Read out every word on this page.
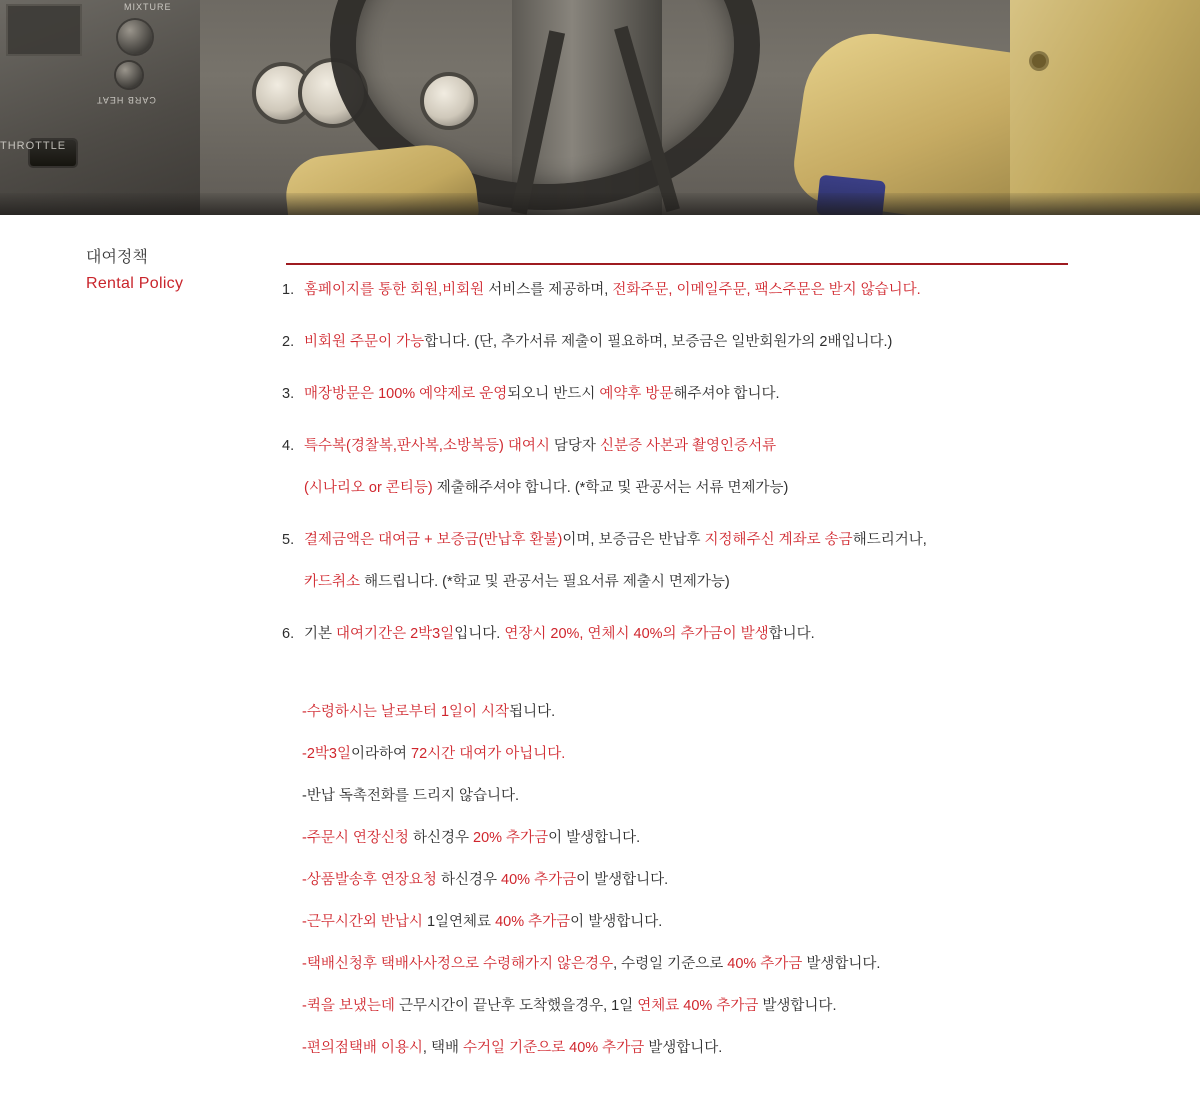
THROTTLE
MIXTURE
CARB HEAT
대여정책
Rental Policy	1. 홈페이지를 통한 회원,비회원 서비스를 제공하며, 전화주문, 이메일주문, 팩스주문은 받지 않습니다.
2. 비회원 주문이 가능합니다. (단, 추가서류 제출이 필요하며, 보증금은 일반회원가의 2배입니다.)
3. 매장방문은 100% 예약제로 운영되오니 반드시 예약후 방문해주셔야 합니다.
4. 특수복(경찰복,판사복,소방복등) 대여시 담당자 신분증 사본과 촬영인증서류
(시나리오 or 콘티등) 제출해주셔야 합니다. (*학교 및 관공서는 서류 면제가능)
5. 결제금액은 대여금 + 보증금(반납후 환불)이며, 보증금은 반납후 지정해주신 계좌로 송금해드리거나,
카드취소 해드립니다. (*학교 및 관공서는 필요서류 제출시 면제가능)
6. 기본 대여기간은 2박3일입니다. 연장시 20%, 연체시 40%의 추가금이 발생합니다.
-수령하시는 날로부터 1일이 시작됩니다.
-2박3일이라하여 72시간 대여가 아닙니다.
-반납 독촉전화를 드리지 않습니다.
-주문시 연장신청 하신경우 20% 추가금이 발생합니다.
-상품발송후 연장요청 하신경우 40% 추가금이 발생합니다.
-근무시간외 반납시 1일연체료 40% 추가금이 발생합니다.
-택배신청후 택배사사정으로 수령해가지 않은경우, 수령일 기준으로 40% 추가금 발생합니다.
-퀵을 보냈는데 근무시간이 끝난후 도착했을경우, 1일 연체료 40% 추가금 발생합니다.
-편의점택배 이용시, 택배 수거일 기준으로 40% 추가금 발생합니다.
